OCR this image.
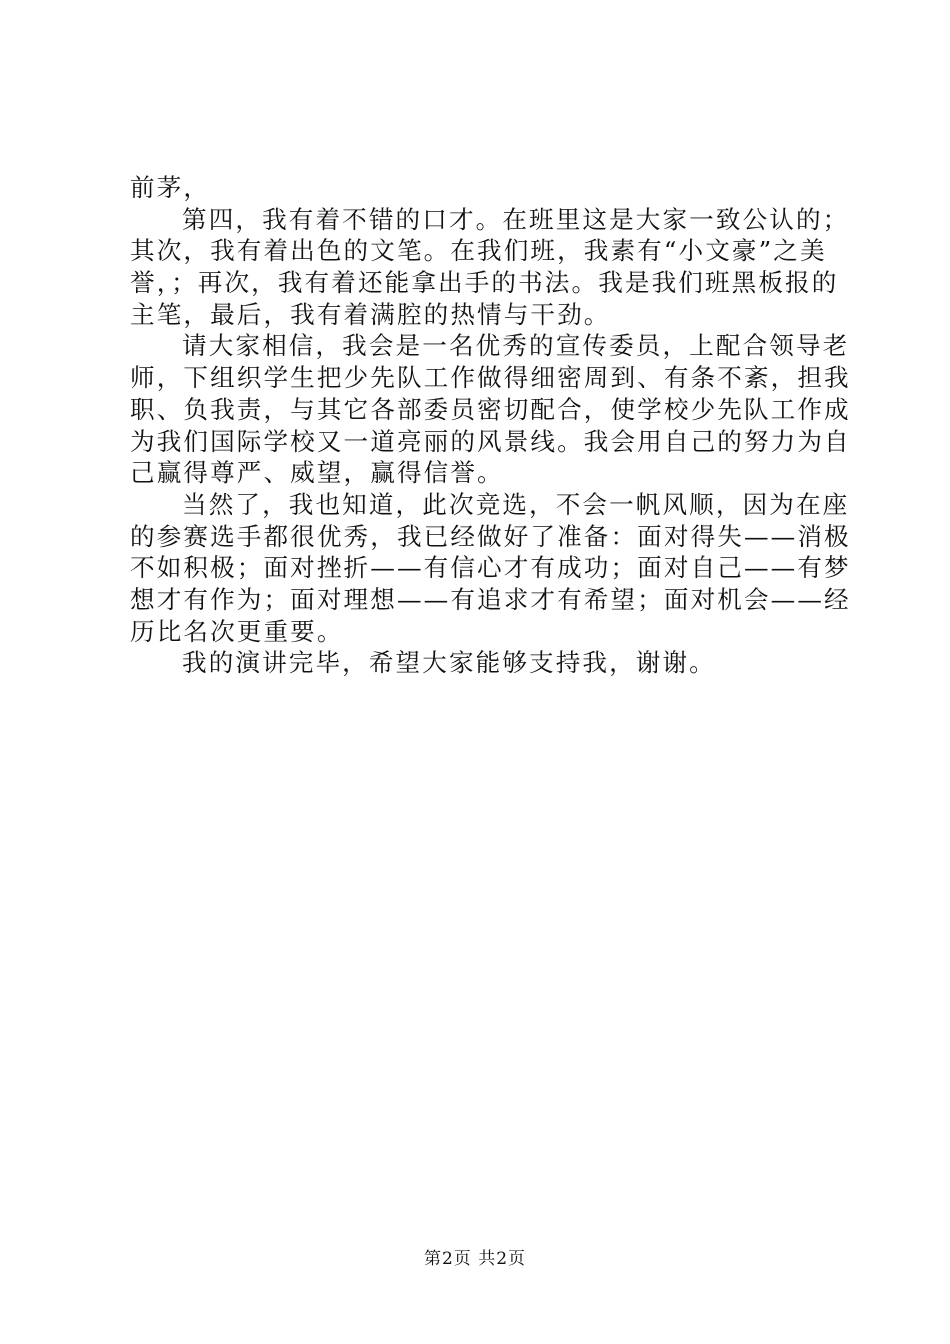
前茅，
第四，我有着不错的口才。在班里这是大家一致公认的；
其次，我有着出色的文笔。在我们班，我素有“小文豪”之美
誉，；再次，我有着还能拿出手的书法。我是我们班黑板报的
主笔，最后，我有着满腔的热情与干劲。
请大家相信，我会是一名优秀的宣传委员，上配合领导老
师，下组织学生把少先队工作做得细密周到、有条不紊，担我
职、负我责，与其它各部委员密切配合，使学校少先队工作成
为我们国际学校又一道亮丽的风景线。我会用自己的努力为自
己赢得尊严、威望，赢得信誉。
当然了，我也知道，此次竞选，不会一帆风顺，因为在座
的参赛选手都很优秀，我已经做好了准备：面对得失——消极
不如积极；面对挫折——有信心才有成功；面对自己——有梦
想才有作为；面对理想——有追求才有希望；面对机会——经
历比名次更重要。
我的演讲完毕，希望大家能够支持我，谢谢。
第2页 共2页
